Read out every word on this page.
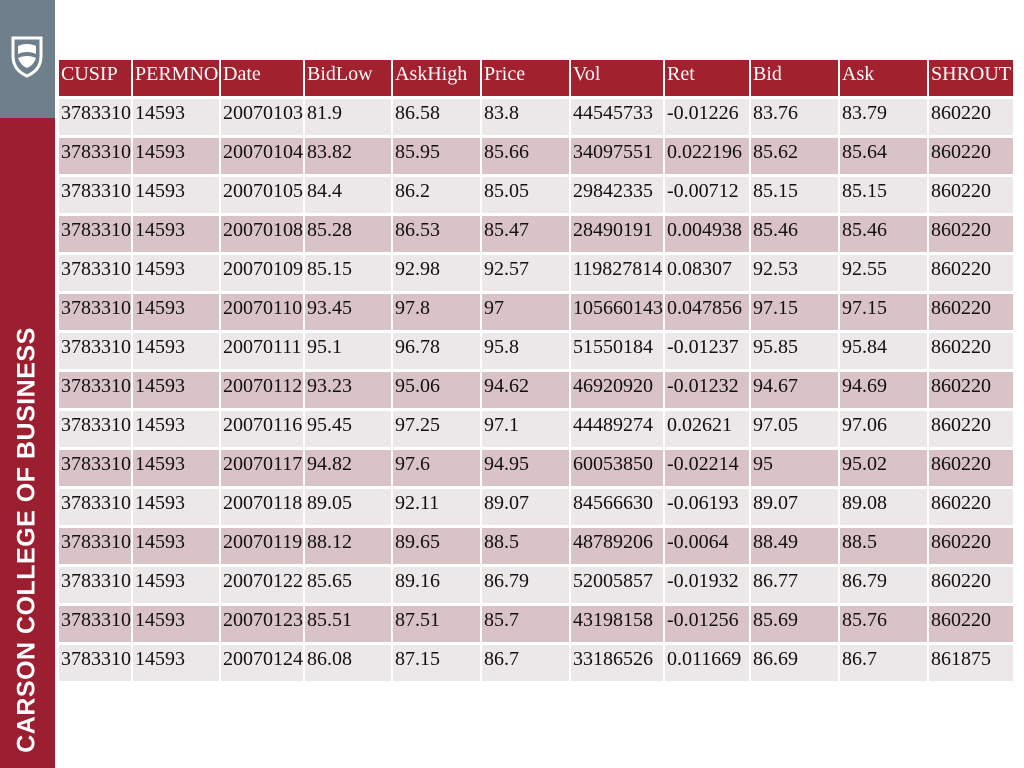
CARSON COLLEGE OF BUSINESS
CUSIP	PERMNO	Date	BidLow	AskHigh	Price	Vol	Ret	Bid	Ask	SHROUT
3783310	14593	20070103	81.9	86.58	83.8	44545733	-0.01226	83.76	83.79	860220
3783310	14593	20070104	83.82	85.95	85.66	34097551	0.022196	85.62	85.64	860220
3783310	14593	20070105	84.4	86.2	85.05	29842335	-0.00712	85.15	85.15	860220
3783310	14593	20070108	85.28	86.53	85.47	28490191	0.004938	85.46	85.46	860220
3783310	14593	20070109	85.15	92.98	92.57	119827814	0.08307	92.53	92.55	860220
3783310	14593	20070110	93.45	97.8	97	105660143	0.047856	97.15	97.15	860220
3783310	14593	20070111	95.1	96.78	95.8	51550184	-0.01237	95.85	95.84	860220
3783310	14593	20070112	93.23	95.06	94.62	46920920	-0.01232	94.67	94.69	860220
3783310	14593	20070116	95.45	97.25	97.1	44489274	0.02621	97.05	97.06	860220
3783310	14593	20070117	94.82	97.6	94.95	60053850	-0.02214	95	95.02	860220
3783310	14593	20070118	89.05	92.11	89.07	84566630	-0.06193	89.07	89.08	860220
3783310	14593	20070119	88.12	89.65	88.5	48789206	-0.0064	88.49	88.5	860220
3783310	14593	20070122	85.65	89.16	86.79	52005857	-0.01932	86.77	86.79	860220
3783310	14593	20070123	85.51	87.51	85.7	43198158	-0.01256	85.69	85.76	860220
3783310	14593	20070124	86.08	87.15	86.7	33186526	0.011669	86.69	86.7	861875
